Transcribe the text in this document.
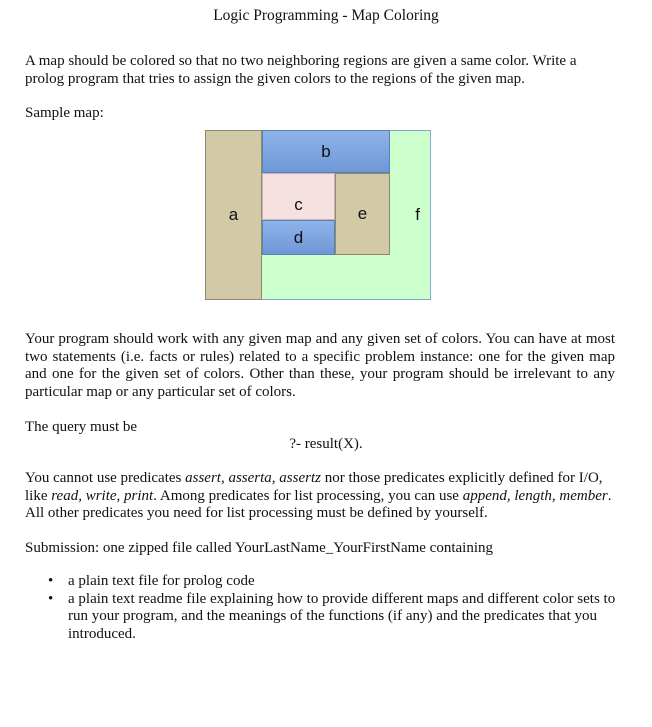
Logic Programming - Map Coloring
A map should be colored so that no two neighboring regions are given a same color. Write a prolog program that tries to assign the given colors to the regions of the given map.
Sample map:
f
a
b
c
d
e
Your program should work with any given map and any given set of colors. You can have at most two statements (i.e. facts or rules) related to a specific problem instance: one for the given map and one for the given set of colors. Other than these, your program should be irrelevant to any particular map or any particular set of colors.
The query must be
?- result(X).
You cannot use predicates assert, asserta, assertz nor those predicates explicitly defined for I/O, like read, write, print. Among predicates for list processing, you can use append, length, member. All other predicates you need for list processing must be defined by yourself.
Submission: one zipped file called YourLastName_YourFirstName containing
• a plain text file for prolog code
• a plain text readme file explaining how to provide different maps and different color sets to run your program, and the meanings of the functions (if any) and the predicates that you introduced.
